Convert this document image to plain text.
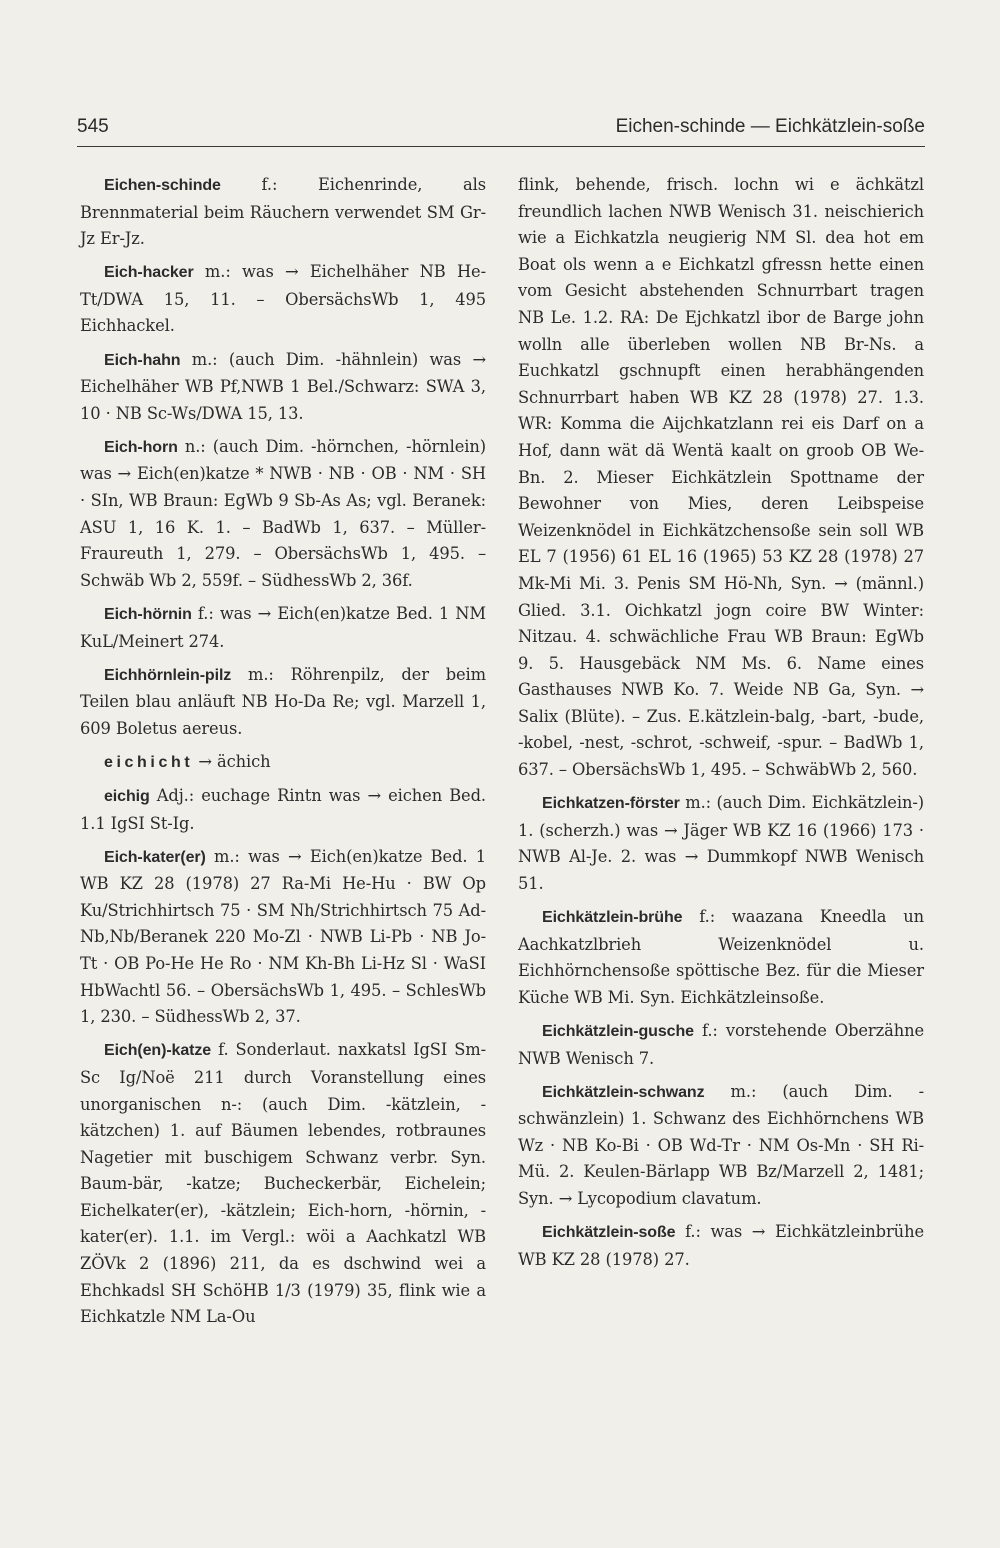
545	Eichen-schinde — Eichkätzlein-soße

Eichen-schinde f.: Eichenrinde, als Brennmaterial beim Räuchern verwendet SM Gr-Jz Er-Jz.

Eich-hacker m.: was → Eichelhäher NB He-Tt/DWA 15, 11. – ObersächsWb 1, 495 Eichhackel.

Eich-hahn m.: (auch Dim. -hähnlein) was → Eichelhäher WB Pf,NWB 1 Bel./Schwarz: SWA 3, 10 · NB Sc-Ws/DWA 15, 13.

Eich-horn n.: (auch Dim. -hörnchen, -hörnlein) was → Eich(en)katze * NWB · NB · OB · NM · SH · SIn, WB Braun: EgWb 9 Sb-As As; vgl. Beranek: ASU 1, 16 K. 1. – BadWb 1, 637. – Müller-Fraureuth 1, 279. – ObersächsWb 1, 495. – Schwäb Wb 2, 559f. – SüdhessWb 2, 36f.

Eich-hörnin f.: was → Eich(en)katze Bed. 1 NM KuL/Meinert 274.

Eichhörnlein-pilz m.: Röhrenpilz, der beim Teilen blau anläuft NB Ho-Da Re; vgl. Marzell 1, 609 Boletus aereus.

eichicht → ächich

eichig Adj.: euchage Rintn was → eichen Bed. 1.1 IgSI St-Ig.

Eich-kater(er) m.: was → Eich(en)katze Bed. 1 WB KZ 28 (1978) 27 Ra-Mi He-Hu · BW Op Ku/Strichhirtsch 75 · SM Nh/Strichhirtsch 75 Ad-Nb,Nb/Beranek 220 Mo-Zl · NWB Li-Pb · NB Jo-Tt · OB Po-He He Ro · NM Kh-Bh Li-Hz Sl · WaSI HbWachtl 56. – ObersächsWb 1, 495. – SchlesWb 1, 230. – SüdhessWb 2, 37.

Eich(en)-katze f. Sonderlaut. naxkatsl IgSI Sm-Sc Ig/Noë 211 durch Voranstellung eines unorganischen n-: (auch Dim. -kätzlein, -kätzchen) 1. auf Bäumen lebendes, rotbraunes Nagetier mit buschigem Schwanz verbr. Syn. Baum-bär, -katze; Bucheckerbär, Eichelein; Eichelkater(er), -kätzlein; Eich-horn, -hörnin, -kater(er). 1.1. im Vergl.: wöi a Aachkatzl WB ZÖVk 2 (1896) 211, da es dschwind wei a Ehchkadsl SH SchöHB 1/3 (1979) 35, flink wie a Eichkatzle NM La-Ou

flink, behende, frisch. lochn wi e ächkätzl freundlich lachen NWB Wenisch 31. neischierich wie a Eichkatzla neugierig NM Sl. dea hot em Boat ols wenn a e Eichkatzl gfressn hette einen vom Gesicht abstehenden Schnurrbart tragen NB Le. 1.2. RA: De Ejchkatzl ibor de Barge john wolln alle überleben wollen NB Br-Ns. a Euchkatzl gschnupft einen herabhängenden Schnurrbart haben WB KZ 28 (1978) 27. 1.3. WR: Komma die Aijchkatzlann rei eis Darf on a Hof, dann wät dä Wentä kaalt on groob OB We-Bn. 2. Mieser Eichkätzlein Spottname der Bewohner von Mies, deren Leibspeise Weizenknödel in Eichkätzchensoße sein soll WB EL 7 (1956) 61 EL 16 (1965) 53 KZ 28 (1978) 27 Mk-Mi Mi. 3. Penis SM Hö-Nh, Syn. → (männl.) Glied. 3.1. Oichkatzl jogn coire BW Winter: Nitzau. 4. schwächliche Frau WB Braun: EgWb 9. 5. Hausgebäck NM Ms. 6. Name eines Gasthauses NWB Ko. 7. Weide NB Ga, Syn. → Salix (Blüte). – Zus. E.kätzlein-balg, -bart, -bude, -kobel, -nest, -schrot, -schweif, -spur. – BadWb 1, 637. – ObersächsWb 1, 495. – SchwäbWb 2, 560.

Eichkatzen-förster m.: (auch Dim. Eichkätzlein-) 1. (scherzh.) was → Jäger WB KZ 16 (1966) 173 · NWB Al-Je. 2. was → Dummkopf NWB Wenisch 51.

Eichkätzlein-brühe f.: waazana Kneedla un Aachkatzlbrieh Weizenknödel u. Eichhörnchensoße spöttische Bez. für die Mieser Küche WB Mi. Syn. Eichkätzleinsoße.

Eichkätzlein-gusche f.: vorstehende Oberzähne NWB Wenisch 7.

Eichkätzlein-schwanz m.: (auch Dim. -schwänzlein) 1. Schwanz des Eichhörnchens WB Wz · NB Ko-Bi · OB Wd-Tr · NM Os-Mn · SH Ri-Mü. 2. Keulen-Bärlapp WB Bz/Marzell 2, 1481; Syn. → Lycopodium clavatum.

Eichkätzlein-soße f.: was → Eichkätzleinbrühe WB KZ 28 (1978) 27.
